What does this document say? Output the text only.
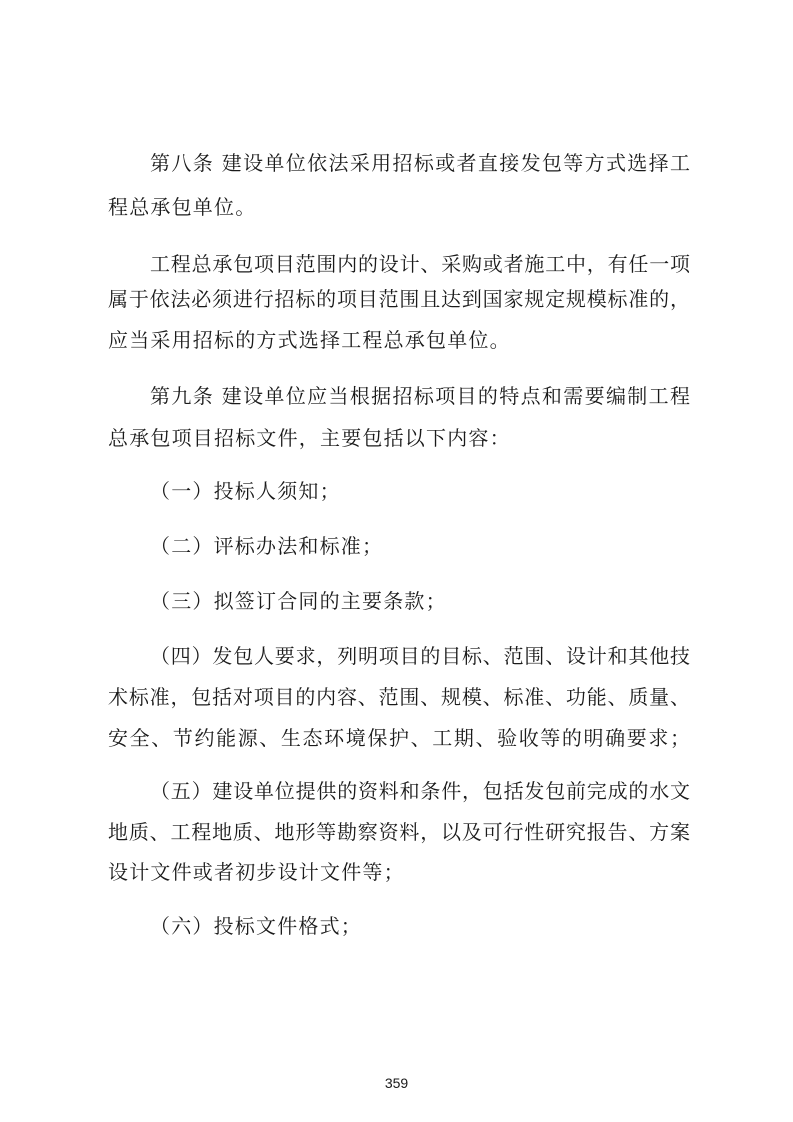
第八条 建设单位依法采用招标或者直接发包等方式选择工
程总承包单位。
工程总承包项目范围内的设计、采购或者施工中，有任一项
属于依法必须进行招标的项目范围且达到国家规定规模标准的，
应当采用招标的方式选择工程总承包单位。
第九条 建设单位应当根据招标项目的特点和需要编制工程
总承包项目招标文件，主要包括以下内容：
（一）投标人须知；
（二）评标办法和标准；
（三）拟签订合同的主要条款；
（四）发包人要求，列明项目的目标、范围、设计和其他技
术标准，包括对项目的内容、范围、规模、标准、功能、质量、
安全、节约能源、生态环境保护、工期、验收等的明确要求；
（五）建设单位提供的资料和条件，包括发包前完成的水文
地质、工程地质、地形等勘察资料，以及可行性研究报告、方案
设计文件或者初步设计文件等；
（六）投标文件格式；
359
